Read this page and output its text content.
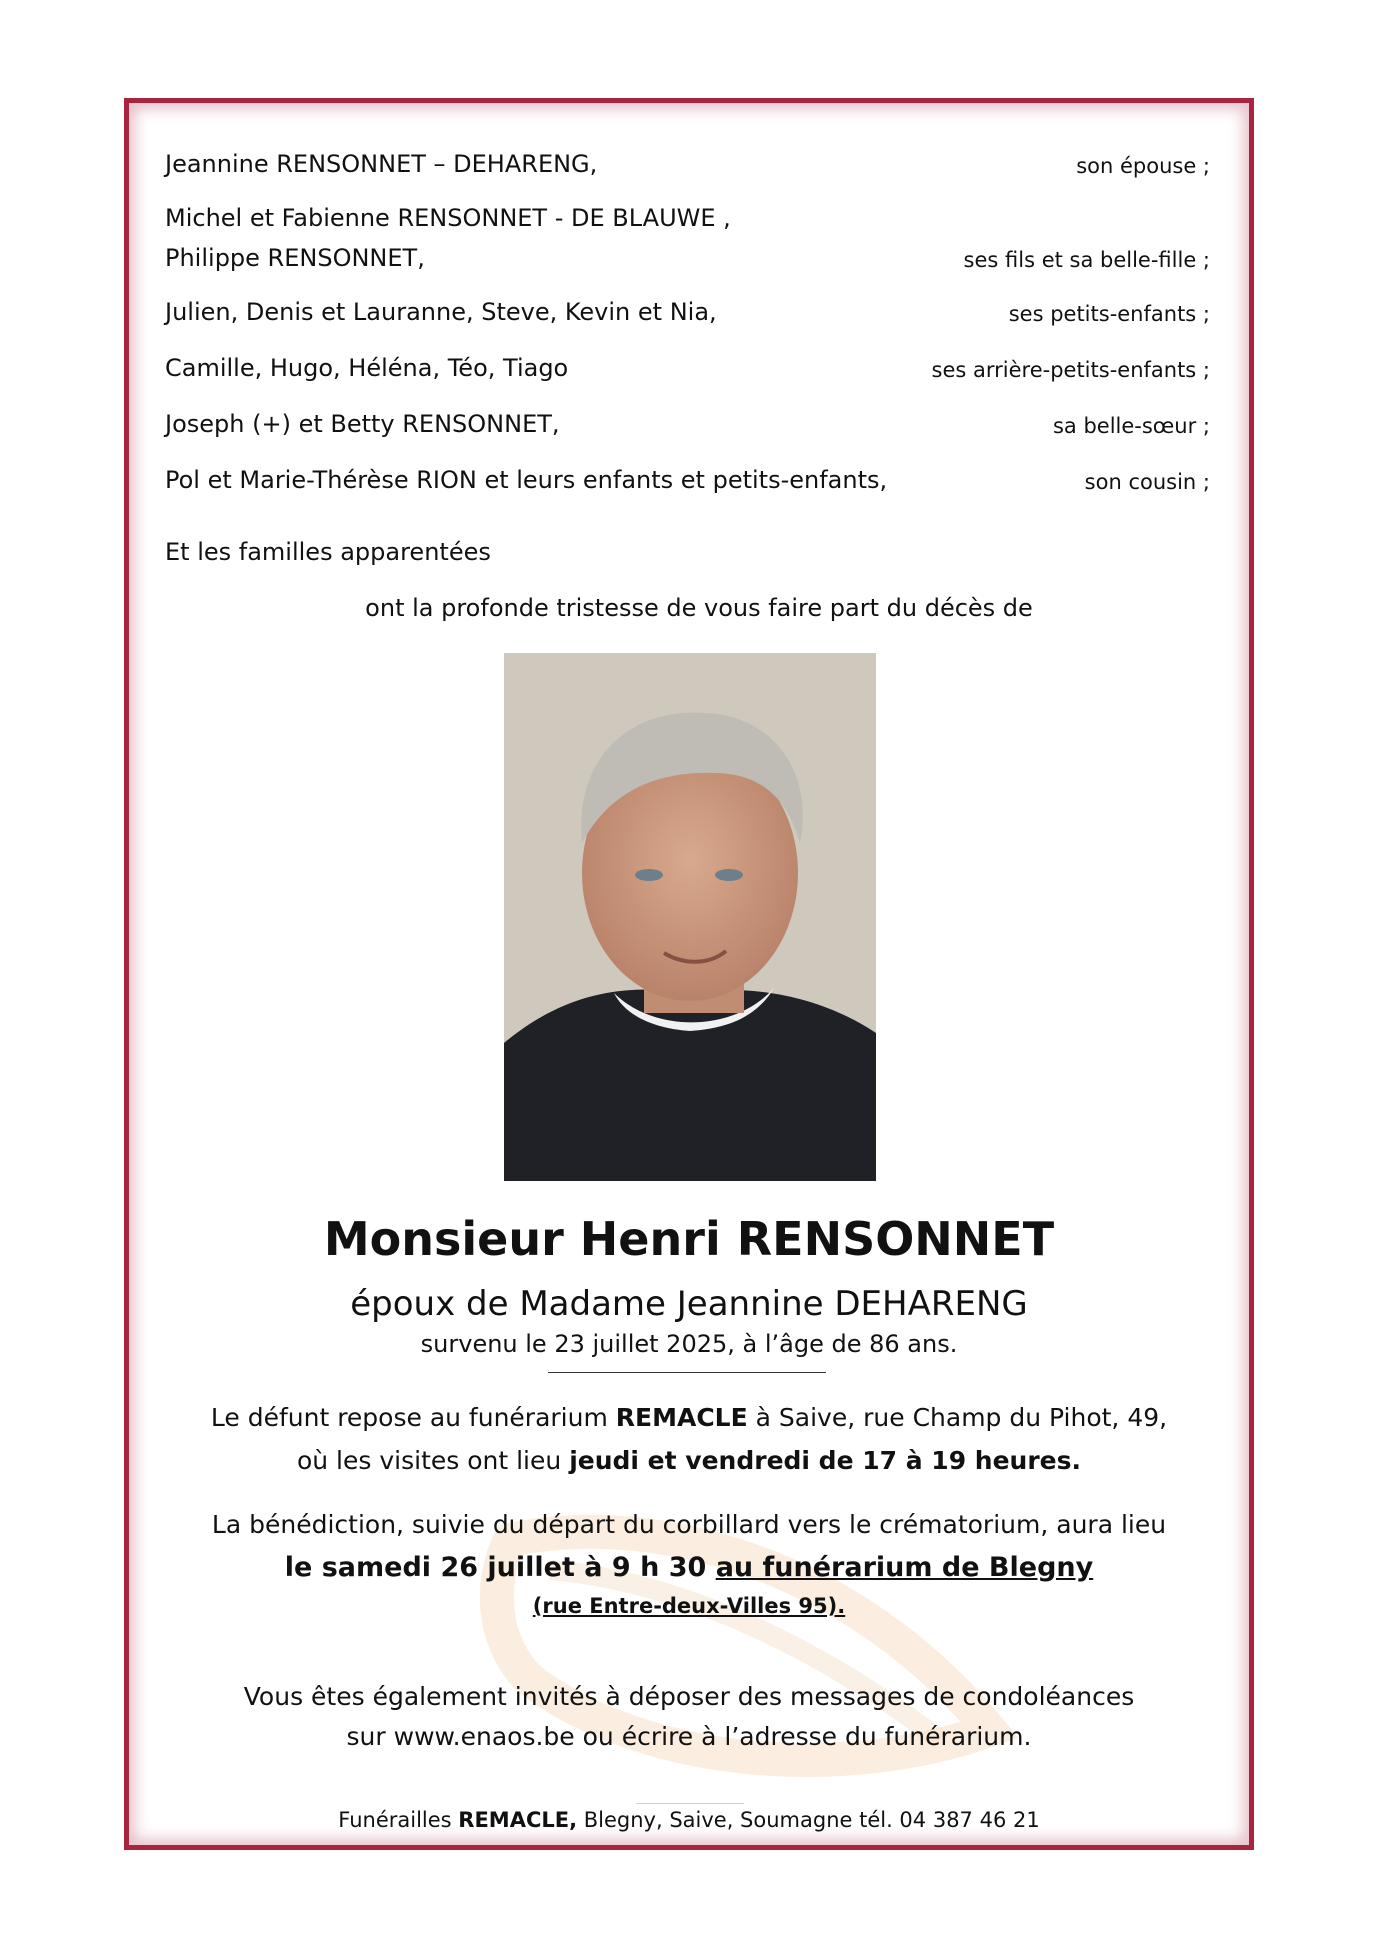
Jeannine RENSONNET – DEHARENG,	son épouse ;
Michel et Fabienne RENSONNET - DE BLAUWE ,
Philippe RENSONNET,	ses fils et sa belle-fille ;
Julien, Denis et Lauranne, Steve, Kevin et Nia,	ses petits-enfants ;
Camille, Hugo, Héléna, Téo, Tiago	ses arrière-petits-enfants ;
Joseph (+) et Betty RENSONNET,	sa belle-sœur ;
Pol et Marie-Thérèse RION et leurs enfants et petits-enfants,	son cousin ;
Et les familles apparentées
ont la profonde tristesse de vous faire part du décès de
Monsieur Henri RENSONNET
époux de Madame Jeannine DEHARENG
survenu le 23 juillet 2025, à l’âge de 86 ans.
Le défunt repose au funérarium REMACLE à Saive, rue Champ du Pihot, 49,
où les visites ont lieu jeudi et vendredi de 17 à 19 heures.
La bénédiction, suivie du départ du corbillard vers le crématorium, aura lieu
le samedi 26 juillet à 9 h 30 au funérarium de Blegny
(rue Entre-deux-Villes 95).
Vous êtes également invités à déposer des messages de condoléances
sur www.enaos.be ou écrire à l’adresse du funérarium.
Funérailles REMACLE, Blegny, Saive, Soumagne tél. 04 387 46 21
